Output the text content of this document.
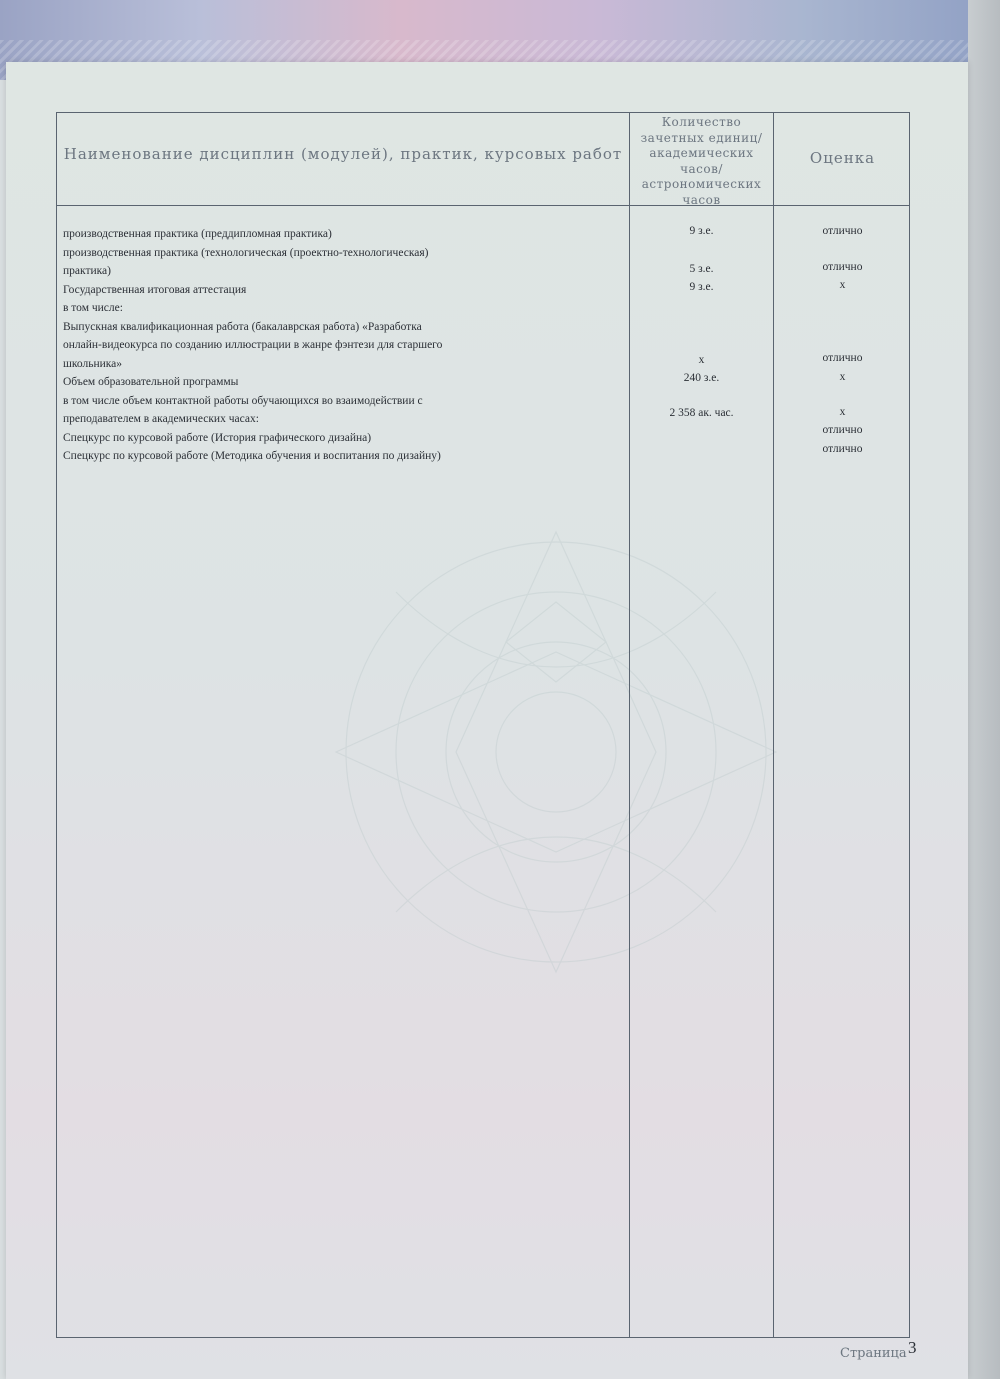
Наименование дисциплин (модулей), практик, курсовых работ
Количество зачетных единиц/ академических часов/ астрономических часов
Оценка
производственная практика (преддипломная практика)
производственная практика (технологическая (проектно-технологическая)
практика)
Государственная итоговая аттестация
в том числе:
Выпускная квалификационная работа (бакалаврская работа) «Разработка
онлайн-видеокурса по созданию иллюстрации в жанре фэнтези для старшего
школьника»
Объем образовательной программы
в том числе объем контактной работы обучающихся во взаимодействии с
преподавателем в академических часах:
Спецкурс по курсовой работе (История графического дизайна)
Спецкурс по курсовой работе (Методика обучения и воспитания по дизайну)
9 з.е.
5 з.е.
9 з.е.
x
240 з.е.
2 358 ак. час.
отлично
отлично
x
отлично
x
x
отлично
отлично
Страница 3
